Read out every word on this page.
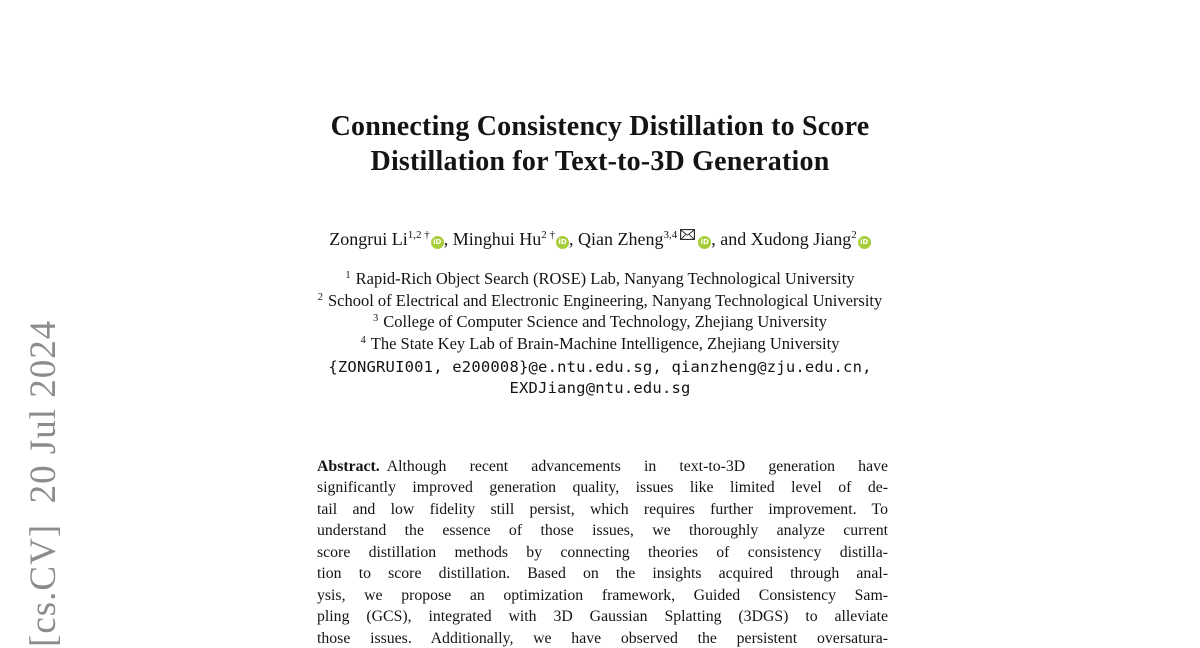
[cs.CV]  20 Jul 2024
Connecting Consistency Distillation to Score
Distillation for Text-to-3D Generation
Zongrui $Li^{1,2 \dagger}iD$ , Minghui $Hu^{2 \dagger}iD$ , Qian Zheng$^{3,4}$iD , and Xudong Jiang$^2$iD
$^1$ Rapid-Rich Object Search (ROSE) Lab, Nanyang Technological University
$^2$ School of Electrical and Electronic Engineering, Nanyang Technological University
$^3$ College of Computer Science and Technology, Zhejiang University
$^4$ The State Key Lab of Brain-Machine Intelligence, Zhejiang University
{ZONGRUI001, e200008}@e.ntu.edu.sg, qianzheng@zju.edu.cn,
EXDJiang@ntu.edu.sg
Abstract. Although recent advancements in text-to-3D generation have
significantly improved generation quality, issues like limited level of de-
tail and low fidelity still persist, which requires further improvement. To
understand the essence of those issues, we thoroughly analyze current
score distillation methods by connecting theories of consistency distilla-
tion to score distillation. Based on the insights acquired through anal-
ysis, we propose an optimization framework, Guided Consistency Sam-
pling (GCS), integrated with 3D Gaussian Splatting (3DGS) to alleviate
those issues. Additionally, we have observed the persistent oversatura-
